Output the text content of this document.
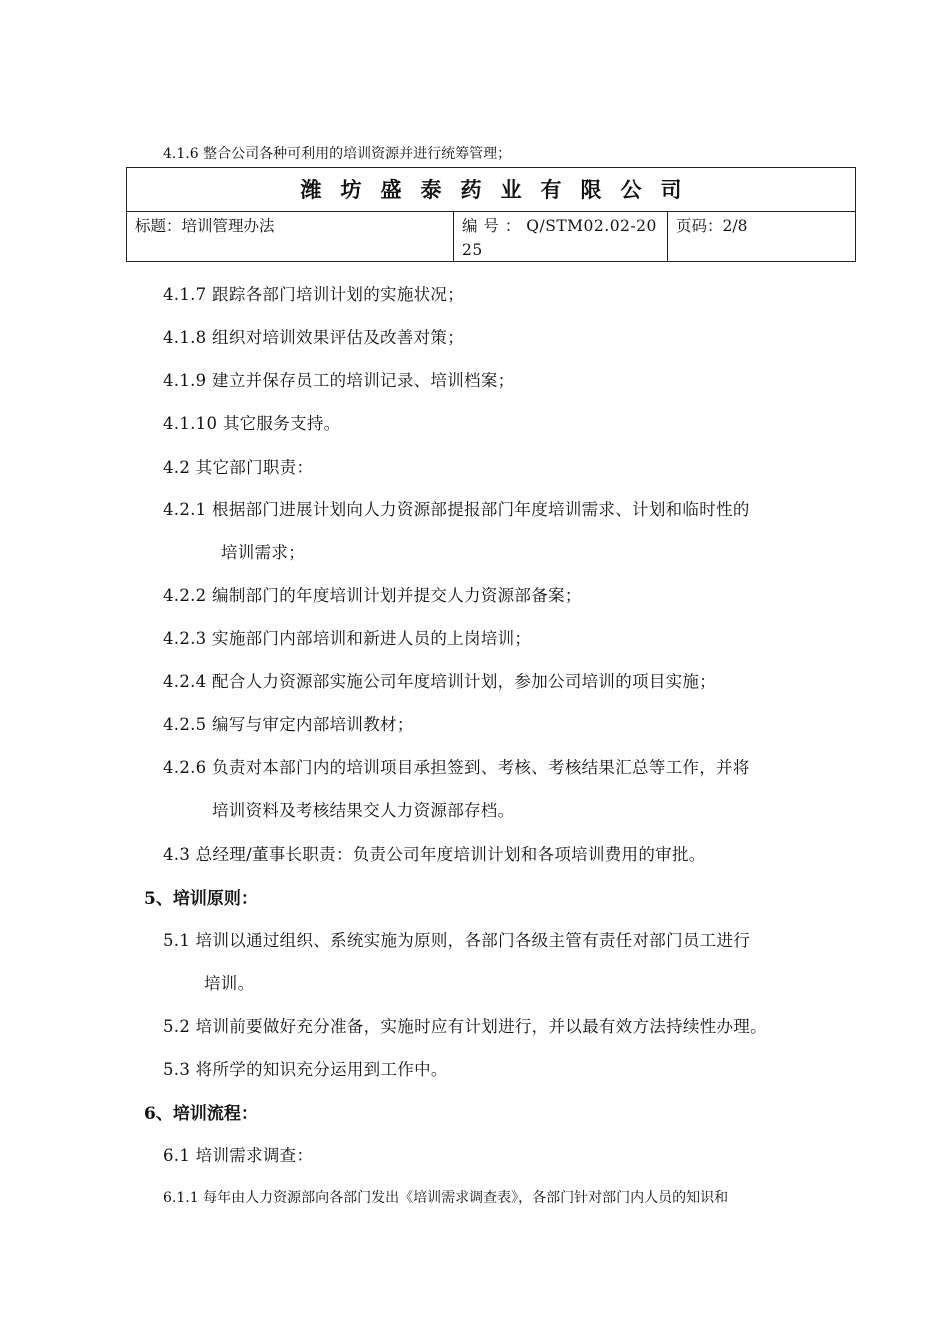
4.1.6 整合公司各种可利用的培训资源并进行统筹管理；
潍坊盛泰药业有限公司
标题：培训管理办法	编 号 ： Q/STM02.02-2025
页码：2/8
4.1.7 跟踪各部门培训计划的实施状况；
4.1.8 组织对培训效果评估及改善对策；
4.1.9 建立并保存员工的培训记录、培训档案；
4.1.10 其它服务支持。
4.2 其它部门职责：
4.2.1 根据部门进展计划向人力资源部提报部门年度培训需求、计划和临时性的
培训需求；
4.2.2 编制部门的年度培训计划并提交人力资源部备案；
4.2.3 实施部门内部培训和新进人员的上岗培训；
4.2.4 配合人力资源部实施公司年度培训计划，参加公司培训的项目实施；
4.2.5 编写与审定内部培训教材；
4.2.6 负责对本部门内的培训项目承担签到、考核、考核结果汇总等工作，并将
培训资料及考核结果交人力资源部存档。
4.3 总经理/董事长职责：负责公司年度培训计划和各项培训费用的审批。
5、培训原则：
5.1 培训以通过组织、系统实施为原则，各部门各级主管有责任对部门员工进行
培训。
5.2 培训前要做好充分准备，实施时应有计划进行，并以最有效方法持续性办理。
5.3 将所学的知识充分运用到工作中。
6、培训流程：
6.1 培训需求调查：
6.1.1 每年由人力资源部向各部门发出《培训需求调查表》，各部门针对部门内人员的知识和
